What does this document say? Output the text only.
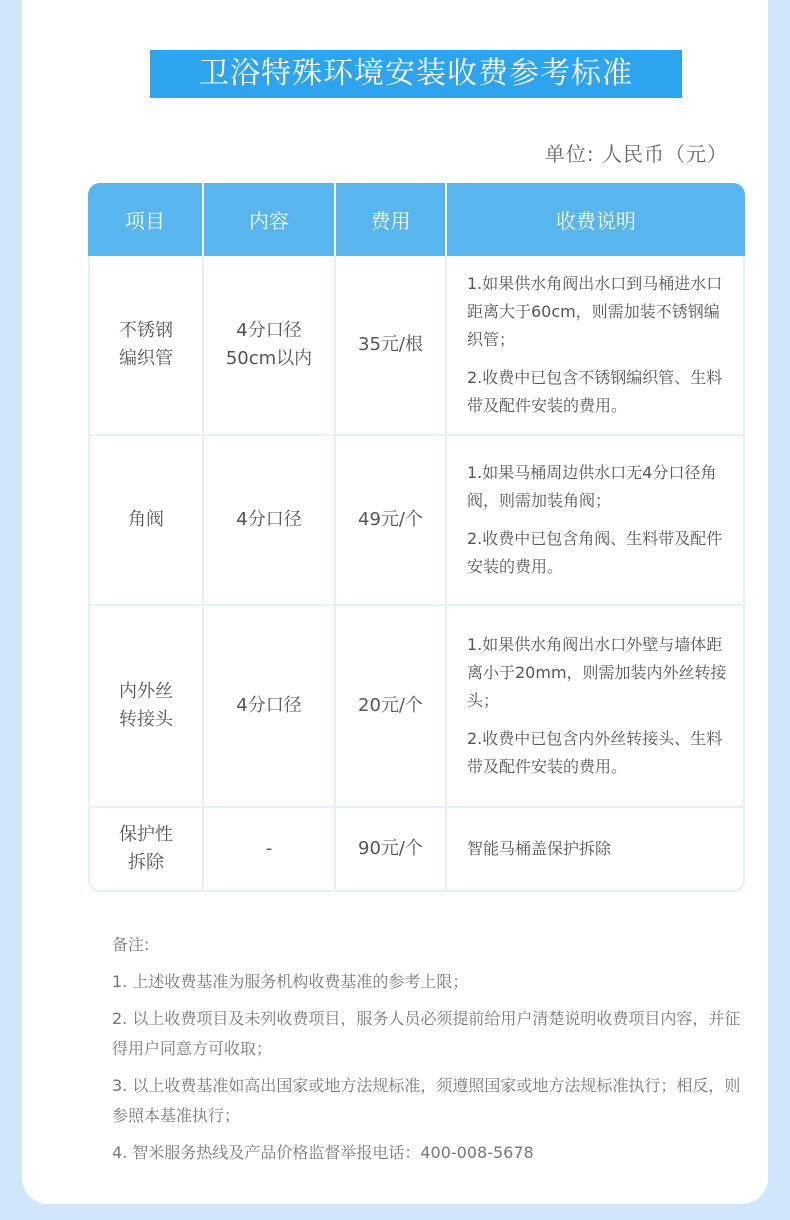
卫浴特殊环境安装收费参考标准
单位: 人民币（元）
项目	内容	费用	收费说明

不锈钢编织管	4分口径 50cm以内	35元/根	1.如果供水角阀出水口到马桶进水口距离大于60cm，则需加装不锈钢编织管；

2.收费中已包含不锈钢编织管、生料带及配件安装的费用。

角阀	4分口径	49元/个	1.如果马桶周边供水口无4分口径角阀，则需加装角阀；

2.收费中已包含角阀、生料带及配件安装的费用。

内外丝转接头	4分口径	20元/个	1.如果供水角阀出水口外壁与墙体距离小于20mm，则需加装内外丝转接头；

2.收费中已包含内外丝转接头、生料带及配件安装的费用。

保护性拆除	-	90元/个	智能马桶盖保护拆除

备注:

1. 上述收费基准为服务机构收费基准的参考上限；

2. 以上收费项目及未列收费项目，服务人员必须提前给用户清楚说明收费项目内容，并征得用户同意方可收取；

3. 以上收费基准如高出国家或地方法规标准，须遵照国家或地方法规标准执行；相反，则参照本基准执行；

4. 智米服务热线及产品价格监督举报电话：400-008-5678
